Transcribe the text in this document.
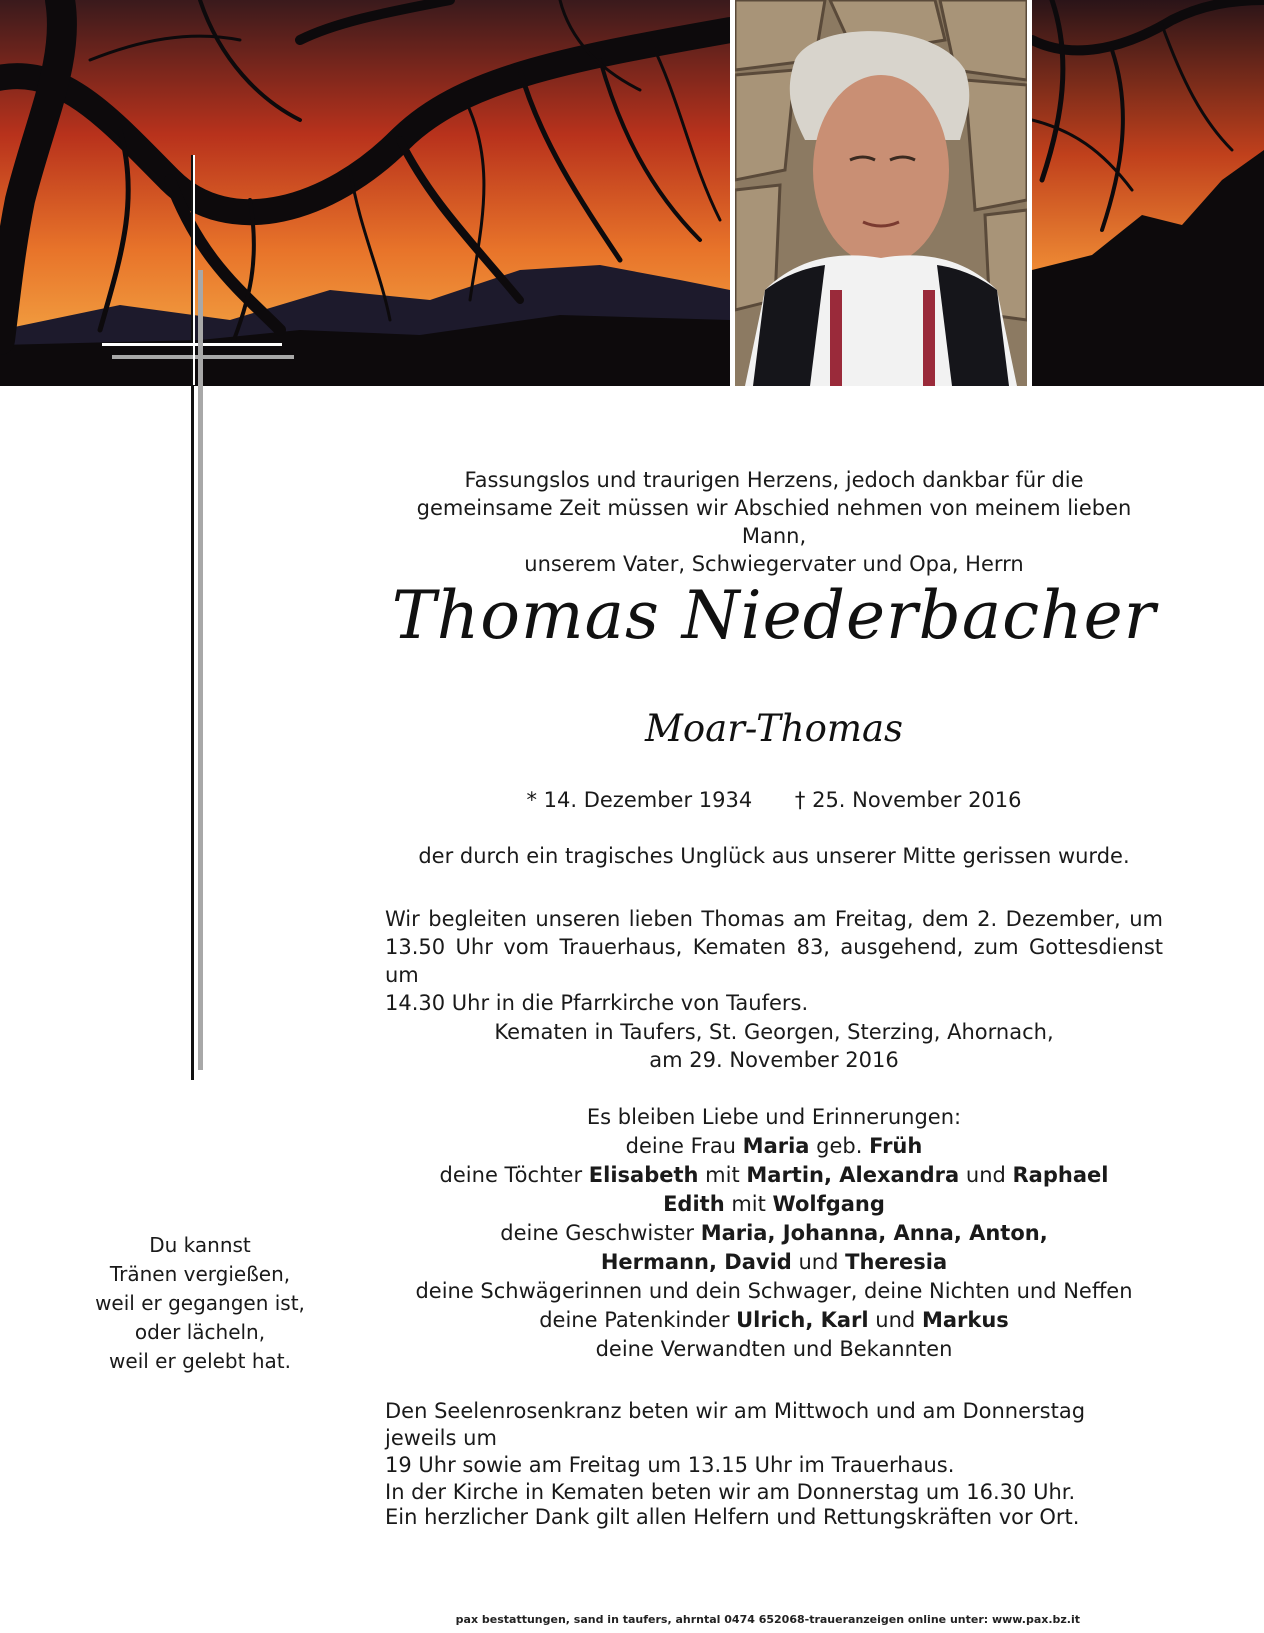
Fassungslos und traurigen Herzens, jedoch dankbar für die

gemeinsame Zeit müssen wir Abschied nehmen von meinem lieben Mann,

unserem Vater, Schwiegervater und Opa, Herrn

Thomas Niederbacher
Moar-Thomas
* 14. Dezember 1934 † 25. November 2016
der durch ein tragisches Unglück aus unserer Mitte gerissen wurde.
Wir begleiten unseren lieben Thomas am Freitag, dem 2. Dezember, um 13.50 Uhr vom Trauerhaus, Kematen 83, ausgehend, zum Gottesdienst um
14.30 Uhr in die Pfarrkirche von Taufers.

Kematen in Taufers, St. Georgen, Sterzing, Ahornach,

am 29. November 2016

Es bleiben Liebe und Erinnerungen:

deine Frau Maria geb. Früh

deine Töchter Elisabeth mit Martin, Alexandra und Raphael

Edith mit Wolfgang

deine Geschwister Maria, Johanna, Anna, Anton,

Hermann, David und Theresia

deine Schwägerinnen und dein Schwager, deine Nichten und Neffen

deine Patenkinder Ulrich, Karl und Markus

deine Verwandten und Bekannten

Den Seelenrosenkranz beten wir am Mittwoch und am Donnerstag jeweils um

19 Uhr sowie am Freitag um 13.15 Uhr im Trauerhaus.

In der Kirche in Kematen beten wir am Donnerstag um 16.30 Uhr.

Ein herzlicher Dank gilt allen Helfern und Rettungskräften vor Ort.

Du kannst

Tränen vergießen,

weil er gegangen ist,

oder lächeln,

weil er gelebt hat.

pax bestattungen, sand in taufers, ahrntal 0474 652068-traueranzeigen online unter: www.pax.bz.it
